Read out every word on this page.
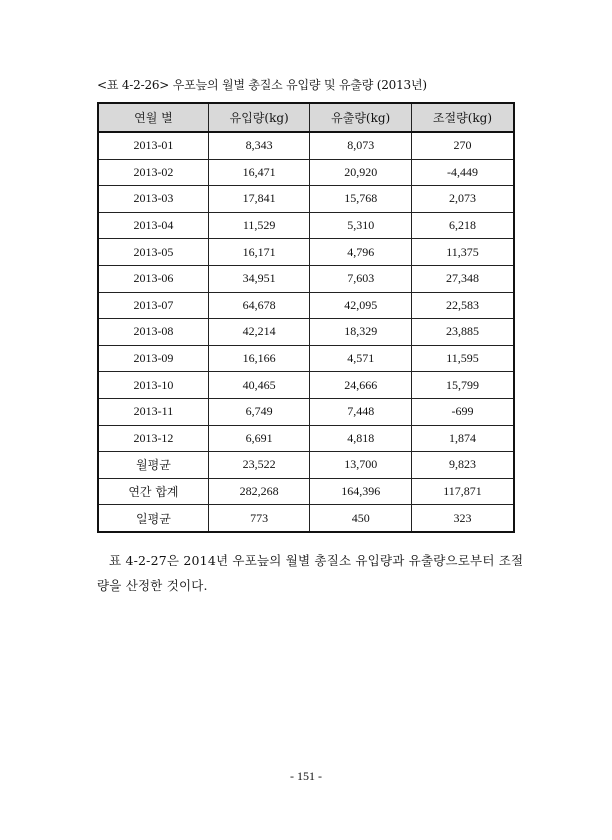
<표 4-2-26> 우포늪의 월별 총질소 유입량 및 유출량 (2013년)
연월 별	유입량(kg)	유출량(kg)	조절량(kg)
2013-01	8,343	8,073	270
2013-02	16,471	20,920	-4,449
2013-03	17,841	15,768	2,073
2013-04	11,529	5,310	6,218
2013-05	16,171	4,796	11,375
2013-06	34,951	7,603	27,348
2013-07	64,678	42,095	22,583
2013-08	42,214	18,329	23,885
2013-09	16,166	4,571	11,595
2013-10	40,465	24,666	15,799
2013-11	6,749	7,448	-699
2013-12	6,691	4,818	1,874
월평균	23,522	13,700	9,823
연간 합계	282,268	164,396	117,871
일평균	773	450	323
표 4-2-27은 2014년 우포늪의 월별 총질소 유입량과 유출량으로부터 조절량을 산정한 것이다.
- 151 -
